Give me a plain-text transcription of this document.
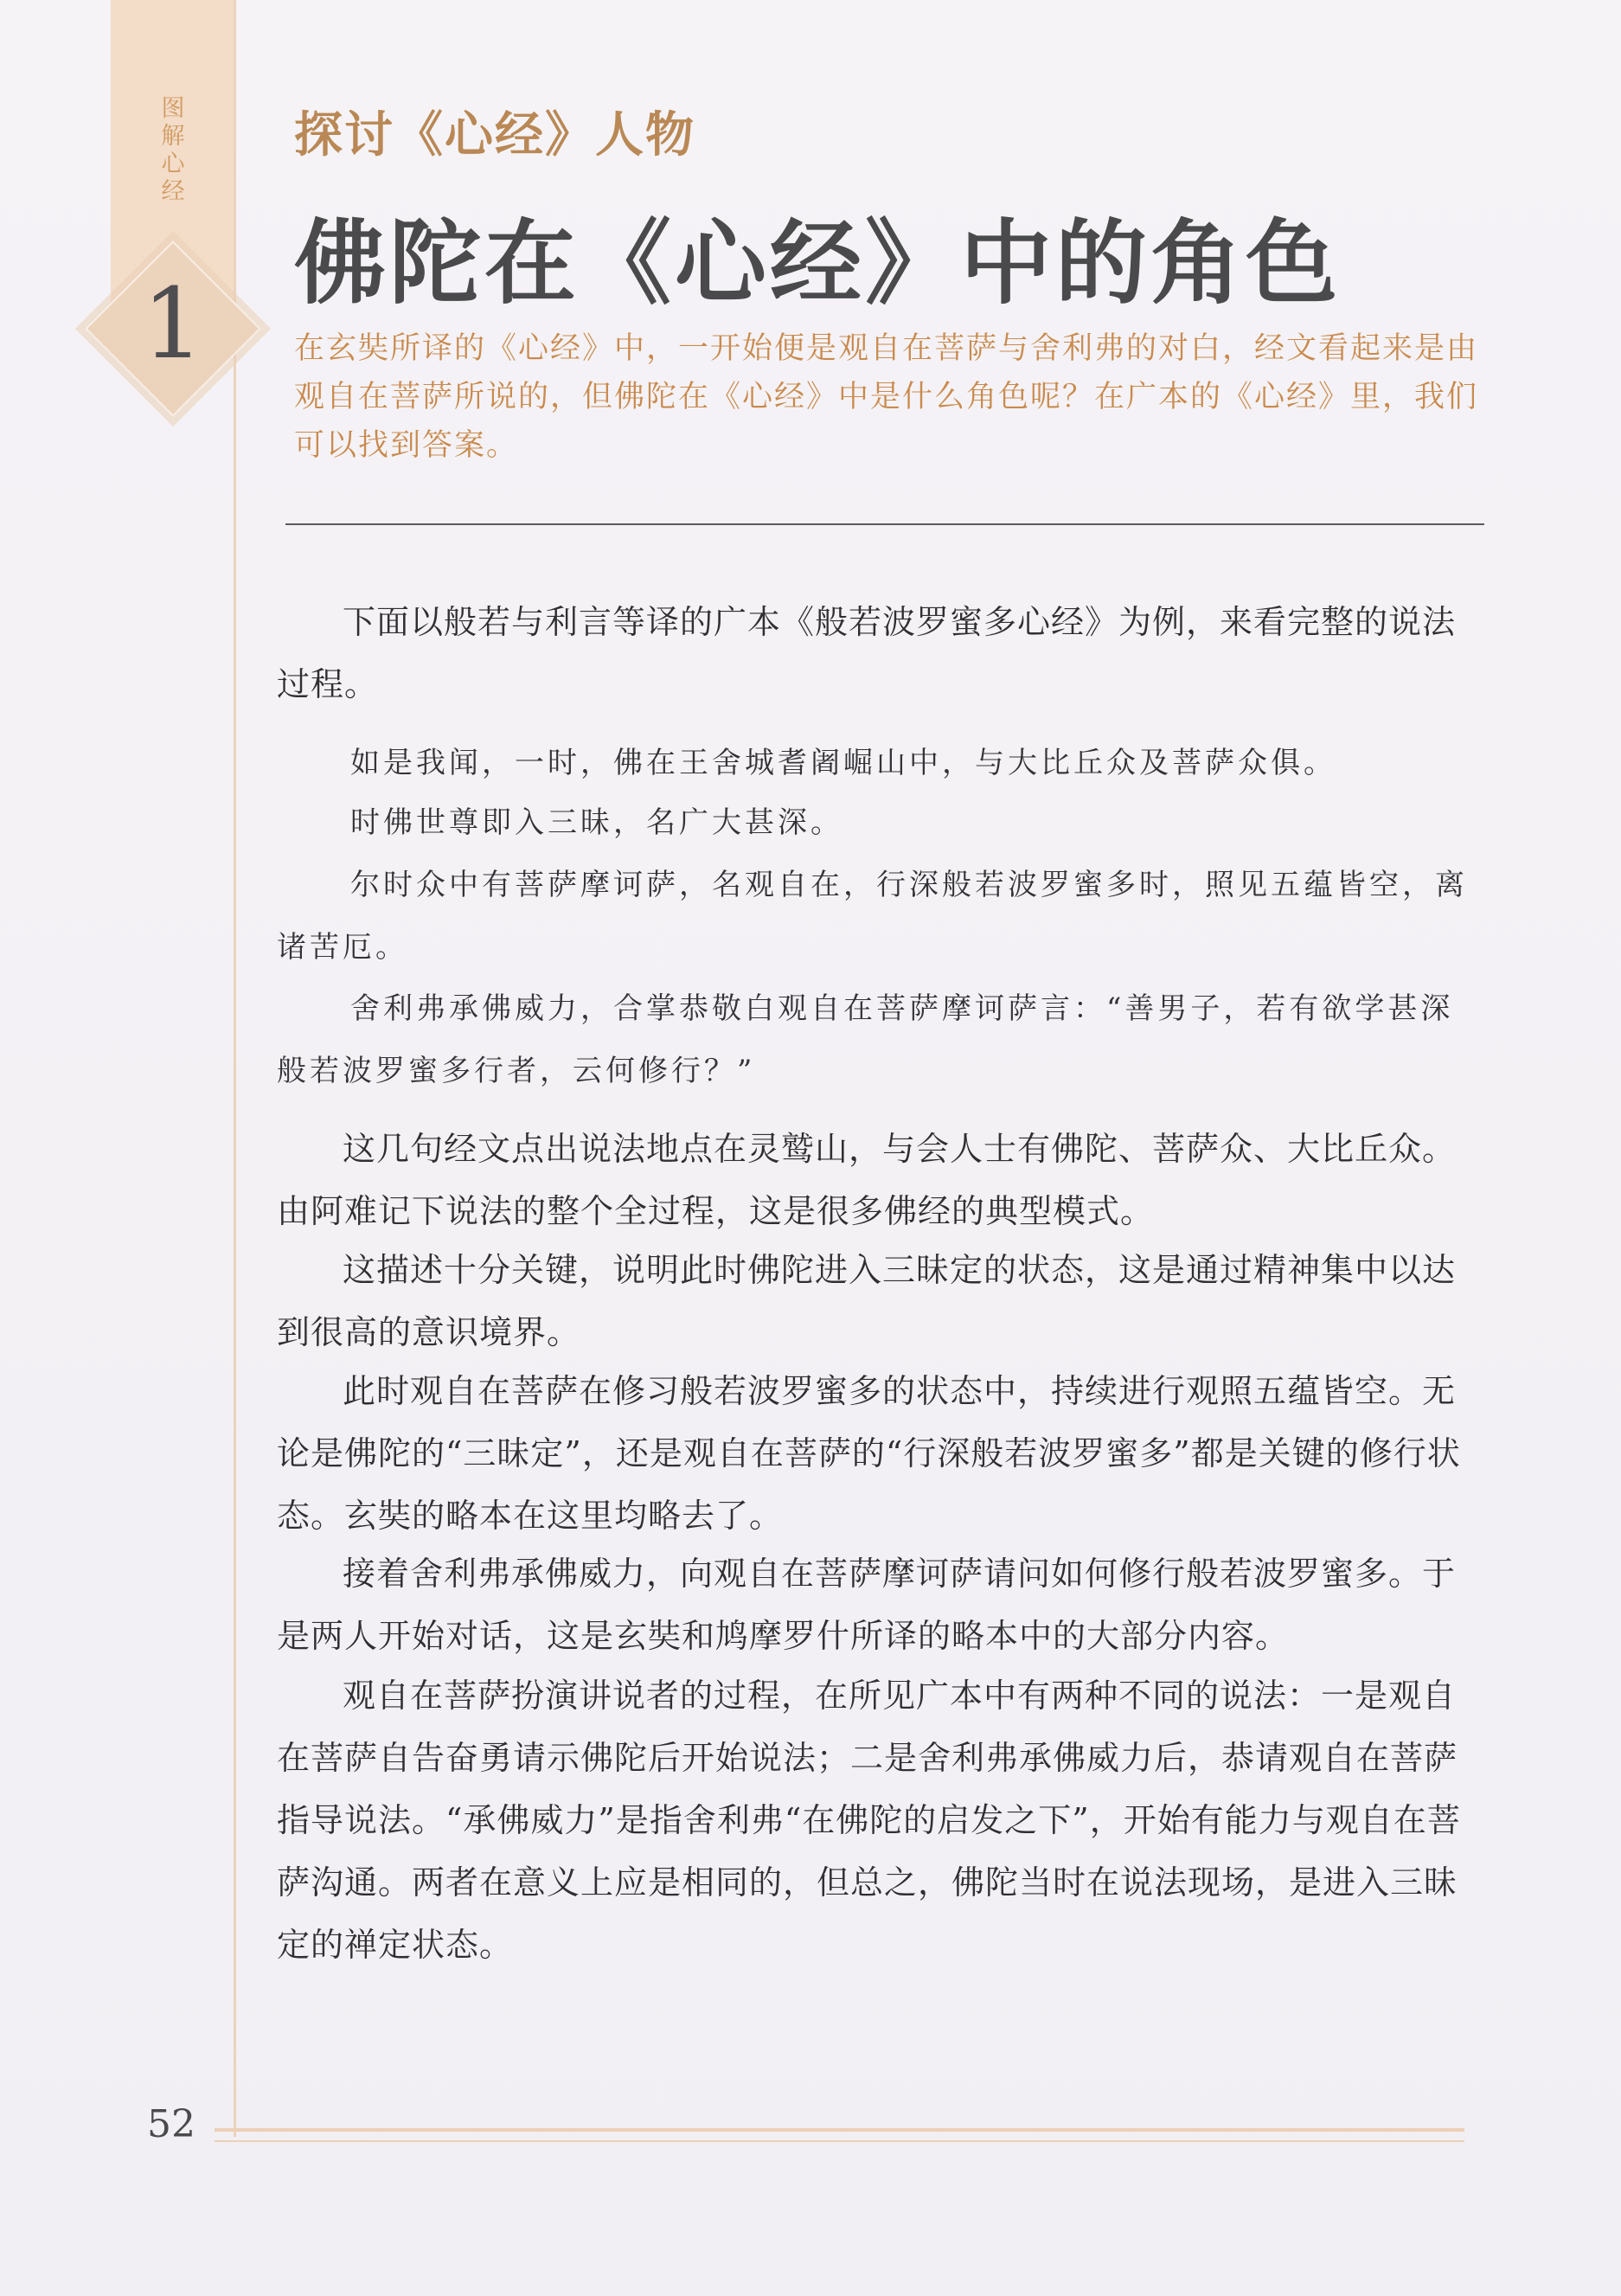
图
解
心
经
1
探讨《心经》人物
佛陀在《心经》中的角色

在玄奘所译的《心经》中，一开始便是观自在菩萨与舍利弗的对白，经文看起来是由观自在菩萨所说的，但佛陀在《心经》中是什么角色呢？在广本的《心经》里，我们可以找到答案。

下面以般若与利言等译的广本《般若波罗蜜多心经》为例，来看完整的说法过程。

如是我闻，一时，佛在王舍城耆阇崛山中，与大比丘众及菩萨众俱。

时佛世尊即入三昧，名广大甚深。

尔时众中有菩萨摩诃萨，名观自在，行深般若波罗蜜多时，照见五蕴皆空，离诸苦厄。

舍利弗承佛威力，合掌恭敬白观自在菩萨摩诃萨言：“善男子，若有欲学甚深般若波罗蜜多行者，云何修行？”

这几句经文点出说法地点在灵鹫山，与会人士有佛陀、菩萨众、大比丘众。由阿难记下说法的整个全过程，这是很多佛经的典型模式。

这描述十分关键，说明此时佛陀进入三昧定的状态，这是通过精神集中以达到很高的意识境界。

此时观自在菩萨在修习般若波罗蜜多的状态中，持续进行观照五蕴皆空。无论是佛陀的“三昧定”，还是观自在菩萨的“行深般若波罗蜜多”都是关键的修行状态。玄奘的略本在这里均略去了。

接着舍利弗承佛威力，向观自在菩萨摩诃萨请问如何修行般若波罗蜜多。于是两人开始对话，这是玄奘和鸠摩罗什所译的略本中的大部分内容。

观自在菩萨扮演讲说者的过程，在所见广本中有两种不同的说法：一是观自在菩萨自告奋勇请示佛陀后开始说法；二是舍利弗承佛威力后，恭请观自在菩萨指导说法。“承佛威力”是指舍利弗“在佛陀的启发之下”，开始有能力与观自在菩萨沟通。两者在意义上应是相同的，但总之，佛陀当时在说法现场，是进入三昧定的禅定状态。

52
